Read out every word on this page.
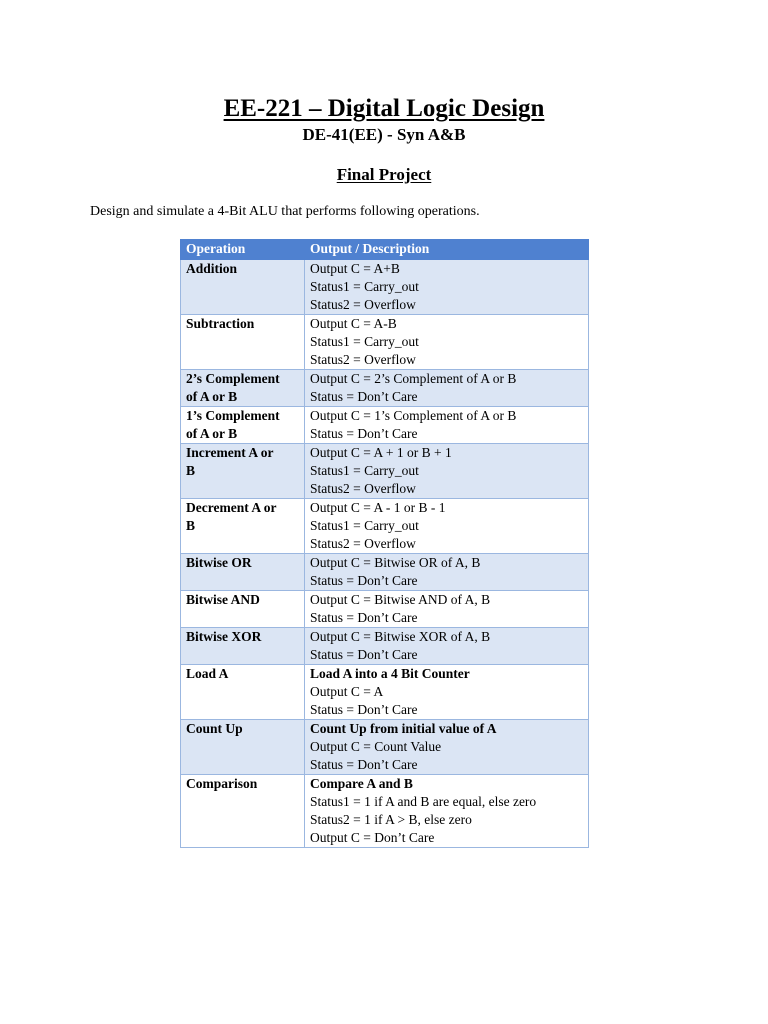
EE-221 – Digital Logic Design
DE-41(EE) - Syn A&B
Final Project
Design and simulate a 4-Bit ALU that performs following operations.
Operation	Output / Description

Addition	Output C = A+B
Status1 = Carry_out
Status2 = Overflow

Subtraction	Output C = A-B
Status1 = Carry_out
Status2 = Overflow

2’s Complement
of A or B	Output C = 2’s Complement of A or B
Status = Don’t Care

1’s Complement
of A or B	Output C = 1’s Complement of A or B
Status = Don’t Care

Increment A or
B	Output C = A + 1 or B + 1
Status1 = Carry_out
Status2 = Overflow

Decrement A or
B	Output C = A - 1 or B - 1
Status1 = Carry_out
Status2 = Overflow

Bitwise OR	Output C = Bitwise OR of A, B
Status = Don’t Care

Bitwise AND	Output C = Bitwise AND of A, B
Status = Don’t Care

Bitwise XOR	Output C = Bitwise XOR of A, B
Status = Don’t Care

Load A	Load A into a 4 Bit Counter
Output C = A
Status = Don’t Care

Count Up	Count Up from initial value of A
Output C = Count Value
Status = Don’t Care

Comparison	Compare A and B
Status1 = 1 if A and B are equal, else zero
Status2 = 1 if A > B, else zero
Output C = Don’t Care
